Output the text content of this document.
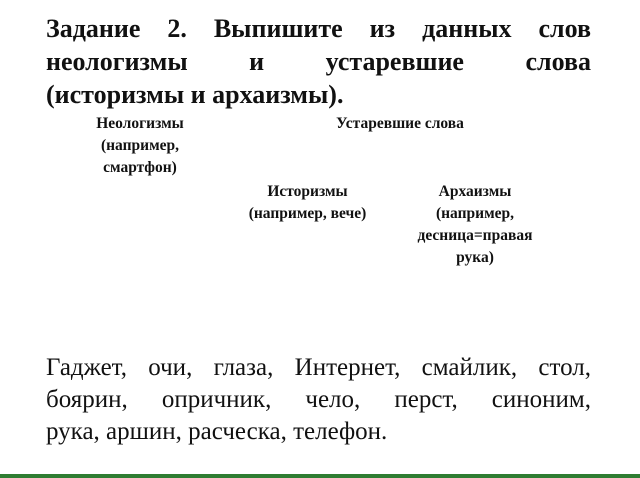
Задание 2. Выпишите из данных слов
неологизмы и устаревшие слова
(историзмы и архаизмы).
Неологизмы
(например,
смартфон)
Устаревшие слова
Историзмы
(например, вече)
Архаизмы
(например,
десница=правая
рука)
Гаджет, очи, глаза, Интернет, смайлик, стол,
боярин, опричник, чело, перст, синоним,
рука, аршин, расческа, телефон.
